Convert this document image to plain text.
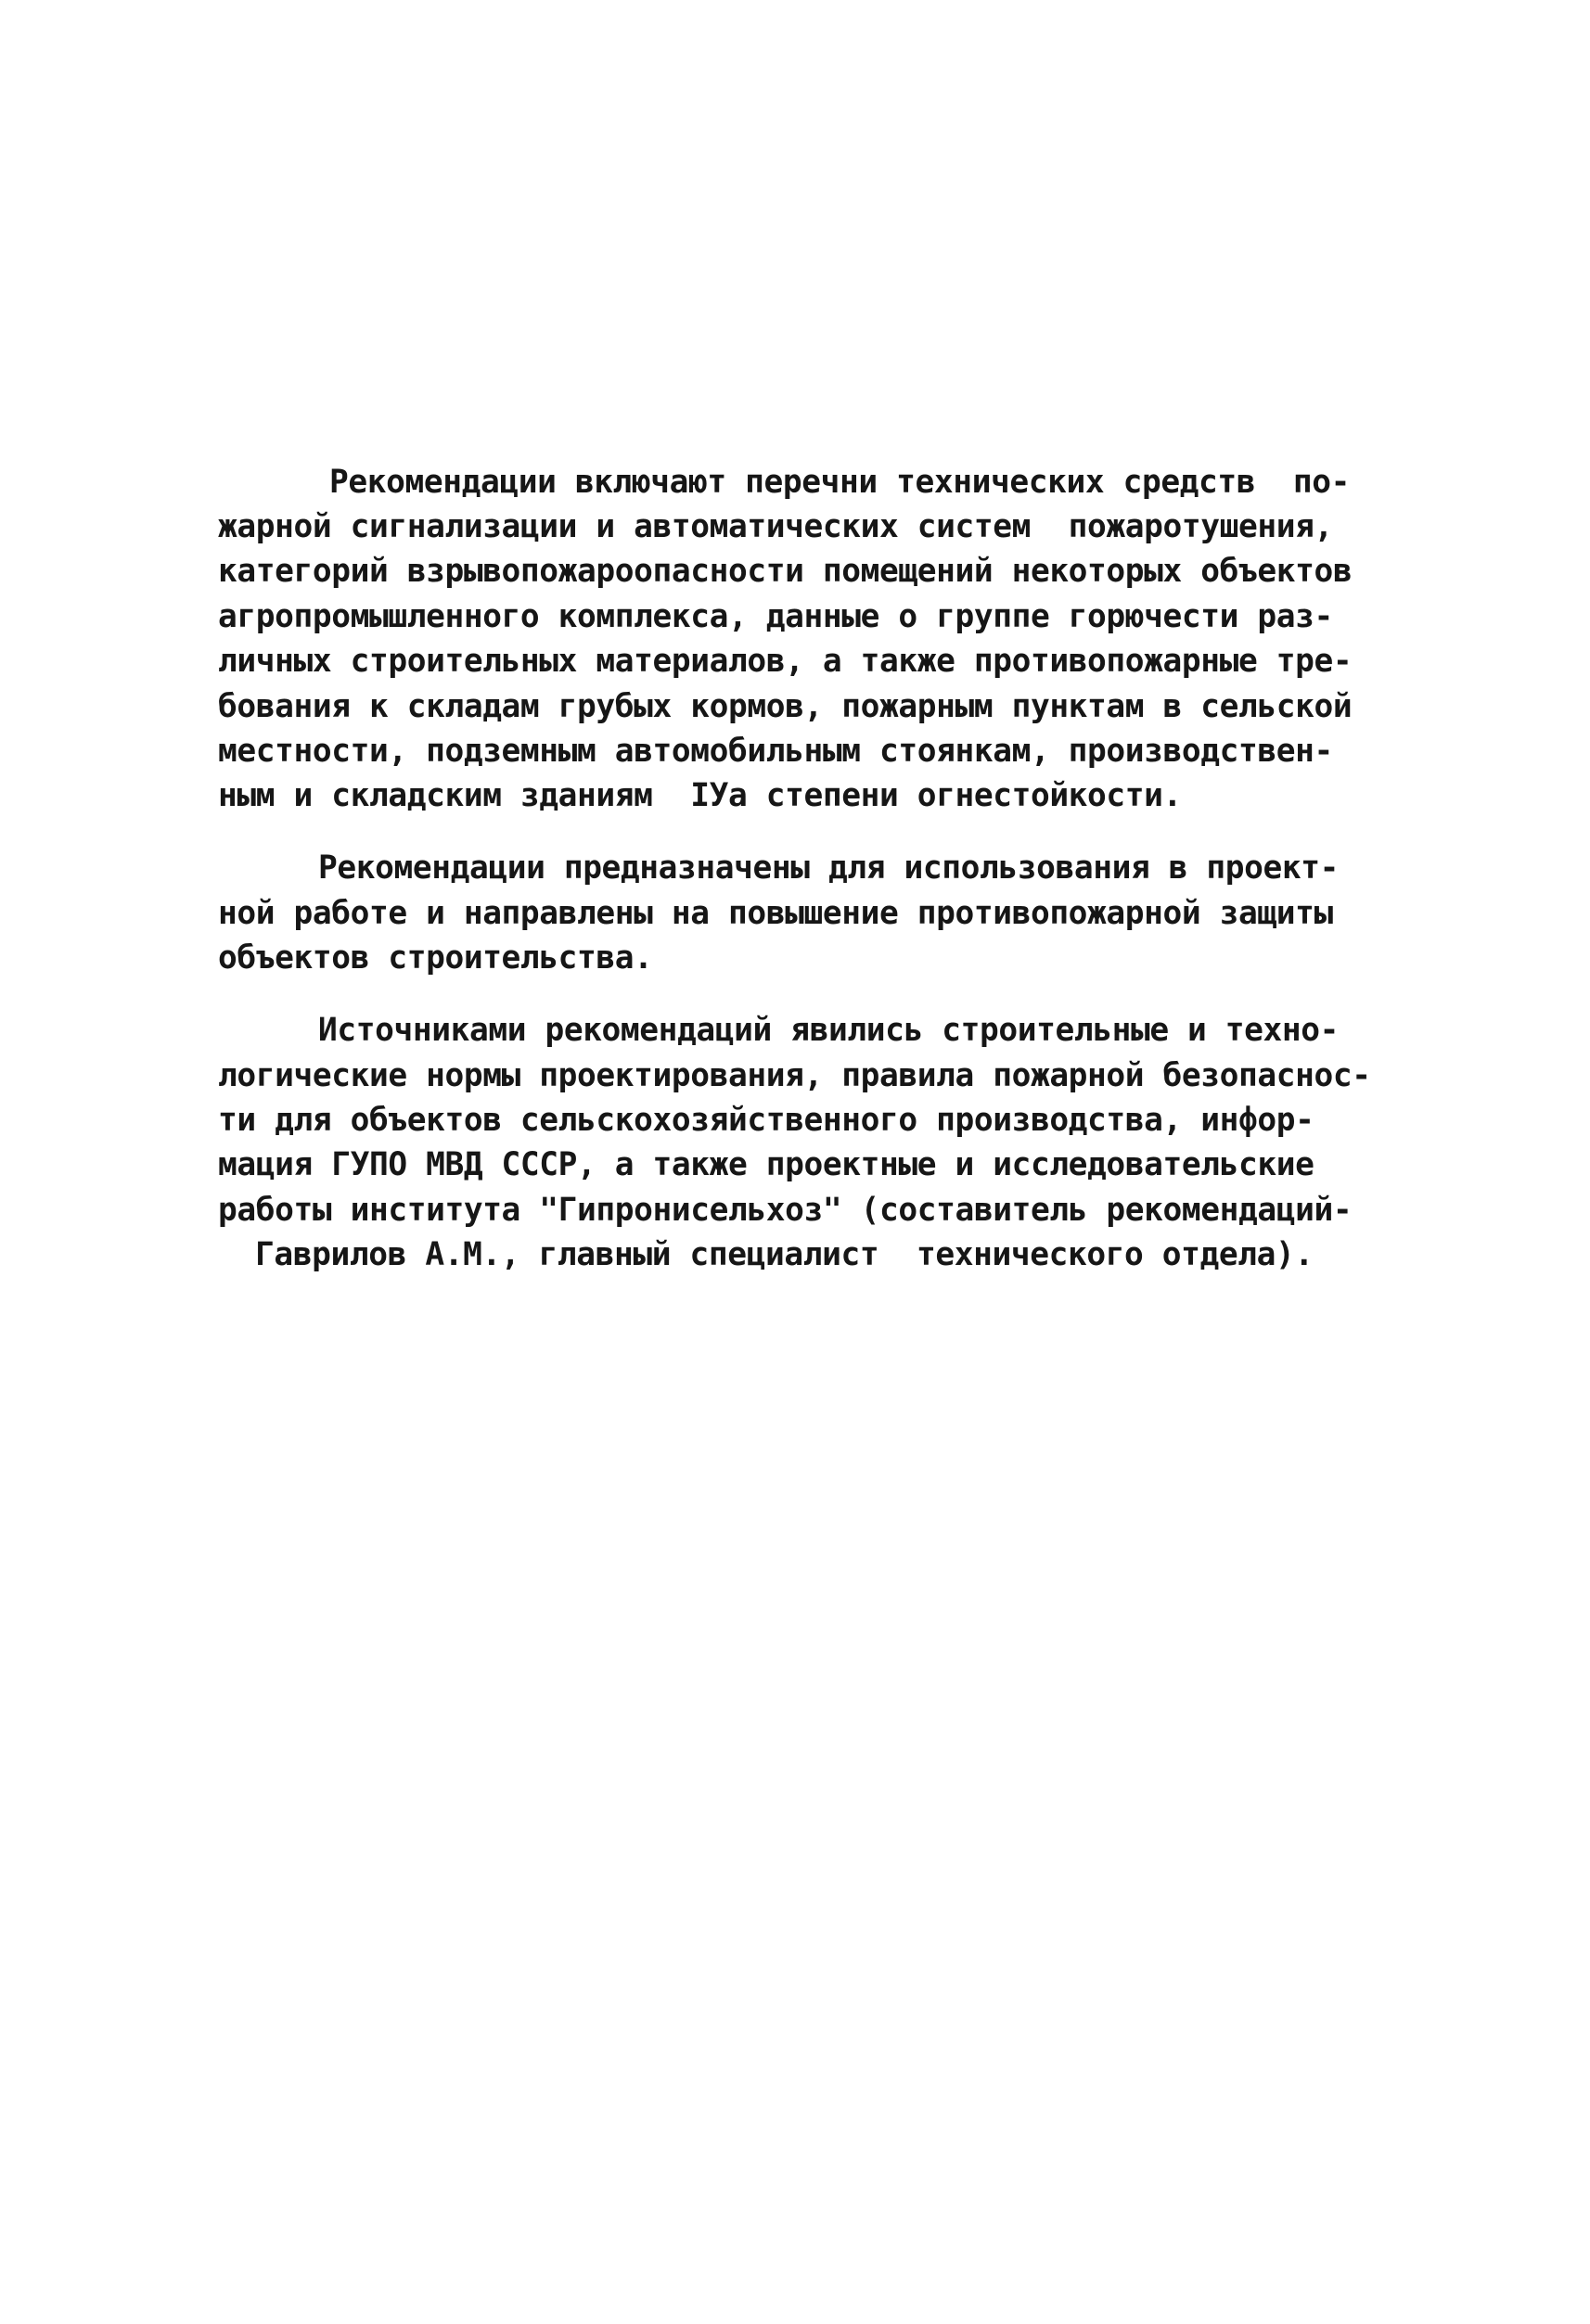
Рекомендации включают перечни технических средств  по-
жарной сигнализации и автоматических систем  пожаротушения,
категорий взрывопожароопасности помещений некоторых объектов
агропромышленного комплекса, данные о группе горючести раз-
личных строительных материалов, а также противопожарные тре-
бования к складам грубых кормов, пожарным пунктам в сельской
местности, подземным автомобильным стоянкам, производствен-
ным и складским зданиям  IУа степени огнестойкости.
Рекомендации предназначены для использования в проект-
ной работе и направлены на повышение противопожарной защиты
объектов строительства.
Источниками рекомендаций явились строительные и техно-
логические нормы проектирования, правила пожарной безопаснос-
ти для объектов сельскохозяйственного производства, инфор-
мация ГУПО МВД СССР, а также проектные и исследовательские
работы института "Гипронисельхоз" (составитель рекомендаций-
Гаврилов А.М., главный специалист  технического отдела).
